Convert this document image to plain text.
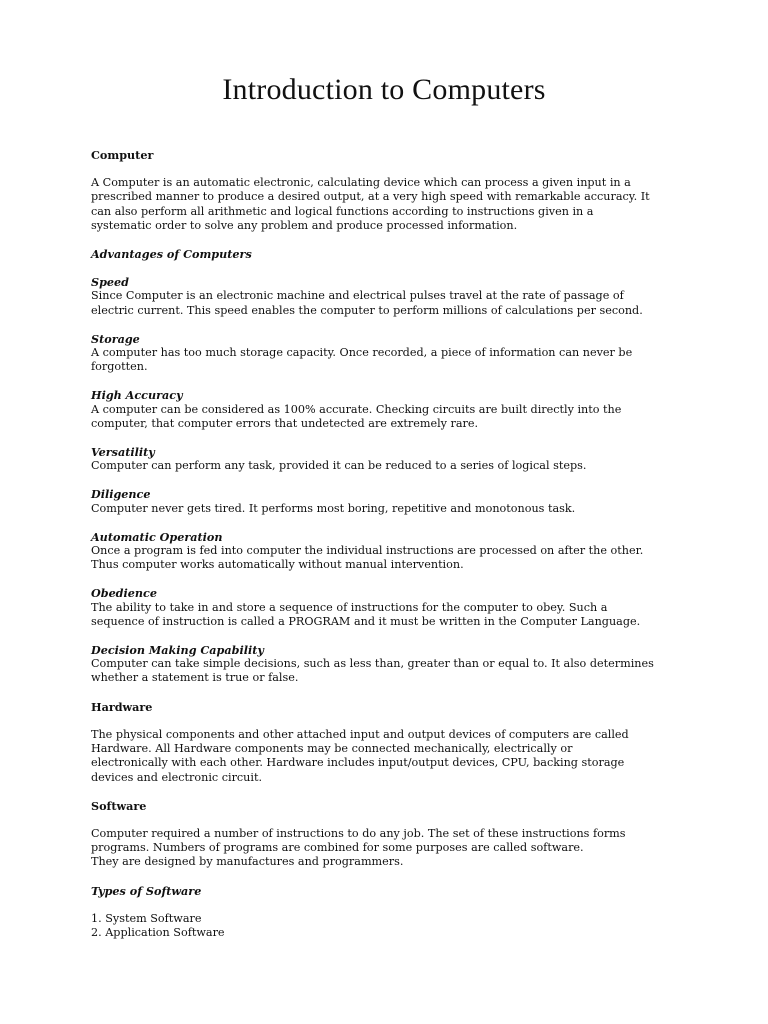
Introduction to Computers

Computer

A Computer is an automatic electronic, calculating device which can process a given input in a

prescribed manner to produce a desired output, at a very high speed with remarkable accuracy. It

can also perform all arithmetic and logical functions according to instructions given in a

systematic order to solve any problem and produce processed information.

Advantages of Computers

Speed

Since Computer is an electronic machine and electrical pulses travel at the rate of passage of

electric current. This speed enables the computer to perform millions of calculations per second.

Storage

A computer has too much storage capacity. Once recorded, a piece of information can never be

forgotten.

High Accuracy

A computer can be considered as 100% accurate. Checking circuits are built directly into the

computer, that computer errors that undetected are extremely rare.

Versatility

Computer can perform any task, provided it can be reduced to a series of logical steps.

Diligence

Computer never gets tired. It performs most boring, repetitive and monotonous task.

Automatic Operation

Once a program is fed into computer the individual instructions are processed on after the other.

Thus computer works automatically without manual intervention.

Obedience

The ability to take in and store a sequence of instructions for the computer to obey. Such a

sequence of instruction is called a PROGRAM and it must be written in the Computer Language.

Decision Making Capability

Computer can take simple decisions, such as less than, greater than or equal to. It also determines

whether a statement is true or false.

Hardware

The physical components and other attached input and output devices of computers are called

Hardware. All Hardware components may be connected mechanically, electrically or

electronically with each other. Hardware includes input/output devices, CPU, backing storage

devices and electronic circuit.

Software

Computer required a number of instructions to do any job. The set of these instructions forms

programs. Numbers of programs are combined for some purposes are called software.

They are designed by manufactures and programmers.

Types of Software

1. System Software

2. Application Software
